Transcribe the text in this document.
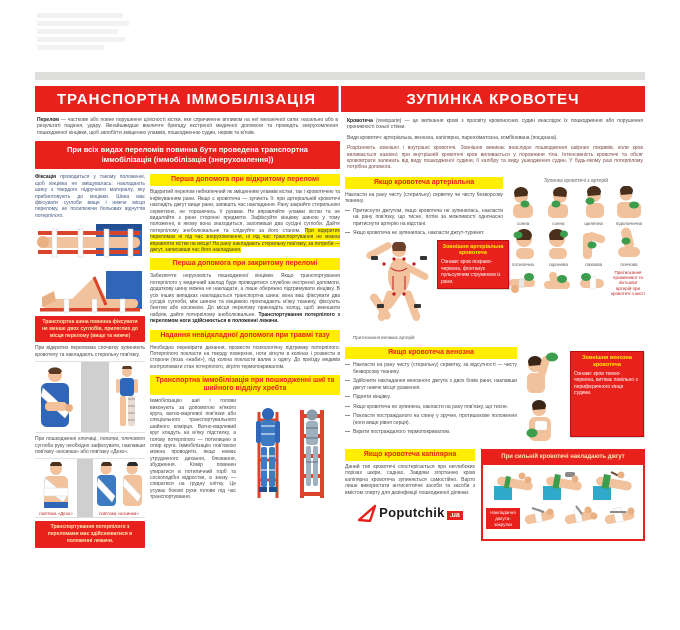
ТРАНСПОРТНА ІММОБІЛІЗАЦІЯ	ЗУПИНКА КРОВОТЕЧ
Перелом — часткове або повне порушення цілісності кістки, яке спричинене впливом на неї механічної сили: насильно або в результаті падіння, удару. Якнайшвидше викличте бригаду екстреної медичної допомоги та проведіть знерухомлення пошкодженої кінцівки, щоб запобігти зміщенню уламків, пошкодженню судин, нервів та м'язів.
При всіх видах переломів повинна бути проведена транспортна іммобілізація (іммобілізація (знерухомлення))
Фіксація проводиться у такому положенні, щоб кінцівка не зміщувалась: накладають шину з твердого підручного матеріалу, яку прибинтовують до кінцівки. Шина має фіксувати суглоби вище і нижче місця перелому, не посилюючи больових відчуттів потерпілого.
Транспортна шина повинна фіксувати не менше двох суглобів, прилеглих до місця перелому (вище та нижче)
При відкритих переломах спочатку зупиняють кровотечу та накладають стерильну пов'язку.
При пошкодженні ключиці, лопатки, плечового суглоба руку необхідно зафіксувати, наклавши пов'язку «косинка» або пов'язку «Дезо».
пов'язка «Дезо»	пов'язка «косинка»
Транспортування потерпілого з переломами має здійснюватися в положенні лежачи.
Перша допомога при відкритому переломі
Відкритий перелом небезпечний як зміщенням уламків кістки, так і кровотечею та інфікуванням рани. Якщо є кровотеча — зупиніть її: при артеріальній кровотечі накладіть джгут вище рани, запишіть час накладання. Рану закрийте стерильною серветкою, не торкаючись її руками. Не вправляйте уламки кістки та не видаляйте з рани сторонні предмети. Зафіксуйте кінцівку шиною у тому положенні, в якому вона знаходиться, захопивши два сусідні суглоби. Дайте потерпілому знеболювальне та слідкуйте за його станом. При відкритих переломах ні під час знерухомлення, ні під час транспортування не можна вправляти кістки на місце! На рану накладають стерильну пов'язку, за потреби — джгут, записавши час його накладання.
Перша допомога при закритому переломі
Забезпечте нерухомість пошкодженої кінцівки. Якщо транспортування потерпілого у медичний заклад буде проводитися службою екстреної допомоги, додаткову шину можна не накладати, а лише обережно підтримувати кінцівку. В усіх інших випадках накладається транспортна шина: вона має фіксувати два сусідні суглоби, між шиною та кінцівкою прокладають м'яку тканину, фіксують бинтом або косинкою. До місця перелому прикладіть холод, щоб зменшити набряк, дайте потерпілому знеболювальне. Транспортування потерпілого з переломом ноги здійснюється в положенні лежачи.
Надання невідкладної допомоги при травмі тазу
Необхідно перевірити дихання, провести психологічну підтримку потерпілого. Потерпілого покласти на тверду поверхню, ноги зігнути в колінах і розвести в сторони (поза «жаби»), під коліна покласти валик з одягу. До приїзду медиків контролювати стан потерпілого, зігріти термопокривалом.
Транспортна іммобілізація при пошкодженні шиї та шийного відділу хребта
Іммобілізацію шиї і голови виконують за допомогою м'якого круга, ватно-марлевої пов'язки або спеціального транспортувального шийного комірця. Ватно-марлевий круг кладуть на м'яку підстилку, а голову потерпілого — потилицею в отвір круга. Іммобілізацію пов'язкою можна проводити, якщо немає утрудненого дихання, блювання, збудження. Комір повинен упиратися в потиличний горб та соскоподібні відростки, а знизу — спиратися на грудну клітку. Це усуває бокові рухи голови під час транспортування.
Кровотеча (геморагія) — це витікання крові з просвіту кровоносних судин внаслідок їх пошкодження або порушення проникності їхньої стінки.
Види кровотеч: артеріальна, венозна, капілярна, паренхіматозна, комбінована (поєднана).
Розрізняють зовнішні і внутрішні кровотечі. Зовнішня виникає внаслідок пошкодження шкірних покривів, коли кров виливається назовні; при внутрішній кровотечі кров виливається у порожнини тіла. Інтенсивність кровотечі та обсяг крововтрати залежать від виду пошкодженої судини, її калібру та виду ушкодження судин. У будь-якому разі потерпілому потрібна допомога.
Якщо кровотеча артеріальна
Накласти на рану чисту (стерильну) серветку чи чисту безворсову тканину.
— Притиснути джгутом, якщо кровотеча не зупинилась, накласти на рану пов'язку, що тисне, потім за можливості одночасно притиснути артерію на відстані.
— Якщо кровотеча не зупинилась, накласти джгут-турнікет.
Зовнішня артеріальна кровотеча
Ознаки: кров яскраво-червона, фонтанує пульсуючим струменем із рани.
Притискання великих артерій
Зупинка кровотечі з артерій
сонна	сонна	щелепна	підключична
потилична	скронева	пахвова	плечова
Притискання променевої та ліктьової артерій при кровотечі з кисті
Якщо кровотеча венозна
— Накласти на рану чисту (стерильну) серветку, за відсутності — чисту безворсову тканину.
— Здійснити накладання венозного джгута з двох боків рани, наклавши джгут нижче місця ураження.
— Підняти кінцівку.
— Якщо кровотеча не зупинена, накласти на рану пов'язку, що тисне.
— Покласти постраждалого на спину у зручне, протишокове положення (ноги вище рівня серця).
— Вкрити постраждалого термопокривалом.
Зовнішня венозна кровотеча
Ознаки: кров темно-червона, витікає повільно з периферичного кінця судини.
Якщо кровотеча капілярна
Даний тип кровотечі спостерігається при неглибоких порізах шкіри, саднах. Завдяки згортанню крові капілярна кровотеча зупиняється самостійно. Варто лише використати антисептичні засоби та засоби з вмістом спирту для дезінфекції пошкодженої ділянки.
Poputchik .ua
При сильній кровотечі накладають джгут
Накладання джгута-закрутки
